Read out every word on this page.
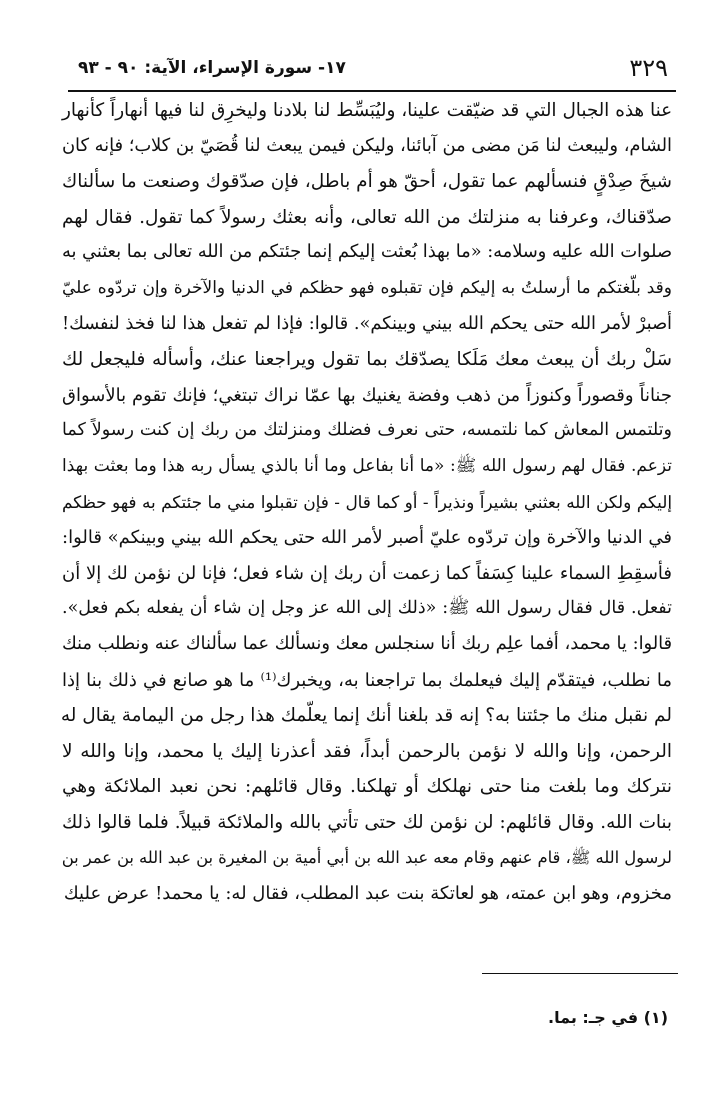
٣٢٩
١٧- سورة الإسراء، الآية: ٩٠ - ٩٣
عنا هذه الجبال التي قد ضيّقت علينا، وليُبَسِّط لنا بلادنا وليخرِق لنا فيها أنهاراً كأنهار
الشام، وليبعث لنا مَن مضى من آبائنا، وليكن فيمن يبعث لنا قُصَيّ بن كلاب؛ فإنه كان
شيخَ صِدْقٍ فنسألهم عما تقول، أحقّ هو أم باطل، فإن صدّقوك وصنعت ما سألناك
صدّقناك، وعرفنا به منزلتك من الله تعالى، وأنه بعثك رسولاً كما تقول. فقال لهم
صلوات الله عليه وسلامه: «ما بهذا بُعثت إليكم إنما جئتكم من الله تعالى بما بعثني به
وقد بلّغتكم ما أرسلتُ به إليكم فإن تقبلوه فهو حظكم في الدنيا والآخرة وإن تردّوه عليّ
أصبرْ لأمر الله حتى يحكم الله بيني وبينكم». قالوا: فإذا لم تفعل هذا لنا فخذ لنفسك!
سَلْ ربك أن يبعث معك مَلَكا يصدّقك بما تقول ويراجعنا عنك، وأسأله فليجعل لك
جناناً وقصوراً وكنوزاً من ذهب وفضة يغنيك بها عمّا نراك تبتغي؛ فإنك تقوم بالأسواق
وتلتمس المعاش كما نلتمسه، حتى نعرف فضلك ومنزلتك من ربك إن كنت رسولاً كما
تزعم. فقال لهم رسول الله ﷺ: «ما أنا بفاعل وما أنا بالذي يسأل ربه هذا وما بعثت بهذا
إليكم ولكن الله بعثني بشيراً ونذيراً - أو كما قال - فإن تقبلوا مني ما جئتكم به فهو حظكم
في الدنيا والآخرة وإن تردّوه عليّ أصبر لأمر الله حتى يحكم الله بيني وبينكم» قالوا:
فأسقِطِ السماء علينا كِسَفاً كما زعمت أن ربك إن شاء فعل؛ فإنا لن نؤمن لك إلا أن
تفعل. قال فقال رسول الله ﷺ: «ذلك إلى الله عز وجل إن شاء أن يفعله بكم فعل».
قالوا: يا محمد، أفما علِم ربك أنا سنجلس معك ونسألك عما سألناك عنه ونطلب منك
ما نطلب، فيتقدّم إليك فيعلمك بما تراجعنا به، ويخبرك⁽¹⁾ ما هو صانع في ذلك بنا إذا
لم نقبل منك ما جئتنا به؟ إنه قد بلغنا أنك إنما يعلّمك هذا رجل من اليمامة يقال له
الرحمن، وإنا والله لا نؤمن بالرحمن أبداً، فقد أعذرنا إليك يا محمد، وإنا والله لا
نتركك وما بلغت منا حتى نهلكك أو تهلكنا. وقال قائلهم: نحن نعبد الملائكة وهي
بنات الله. وقال قائلهم: لن نؤمن لك حتى تأتي بالله والملائكة قبيلاً. فلما قالوا ذلك
لرسول الله ﷺ، قام عنهم وقام معه عبد الله بن أبي أمية بن المغيرة بن عبد الله بن عمر بن
مخزوم، وهو ابن عمته، هو لعاتكة بنت عبد المطلب، فقال له: يا محمد! عرض عليك
(١) في جـ: بما.
